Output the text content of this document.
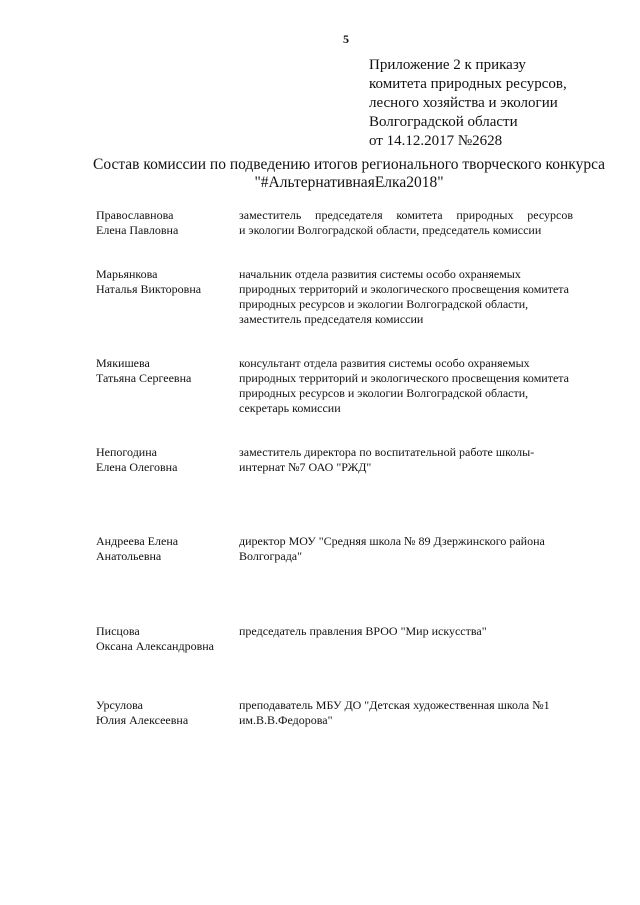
5
Приложение 2 к приказу
комитета природных ресурсов,
лесного хозяйства и экологии
Волгоградской области
от 14.12.2017 №2628
Состав комиссии по подведению итогов регионального творческого конкурса
"#АльтернативнаяЕлка2018"
Православнова
Елена Павловна
заместитель председателя комитета природных ресурсов
и экологии Волгоградской области, председатель комиссии
Марьянкова
Наталья Викторовна
начальник отдела развития системы особо охраняемых
природных территорий и экологического просвещения комитета
природных ресурсов и экологии Волгоградской области,
заместитель председателя комиссии
Мякишева
Татьяна Сергеевна
консультант отдела развития системы особо охраняемых
природных территорий и экологического просвещения комитета
природных ресурсов и экологии Волгоградской области,
секретарь комиссии
Непогодина
Елена Олеговна
заместитель директора по воспитательной работе школы-
интернат №7 ОАО "РЖД"
Андреева Елена
Анатольевна
директор МОУ "Средняя школа № 89 Дзержинского района
Волгограда"
Писцова
Оксана Александровна
председатель правления ВРОО "Мир искусства"
Урсулова
Юлия Алексеевна
преподаватель МБУ ДО "Детская художественная школа №1
им.В.В.Федорова"
